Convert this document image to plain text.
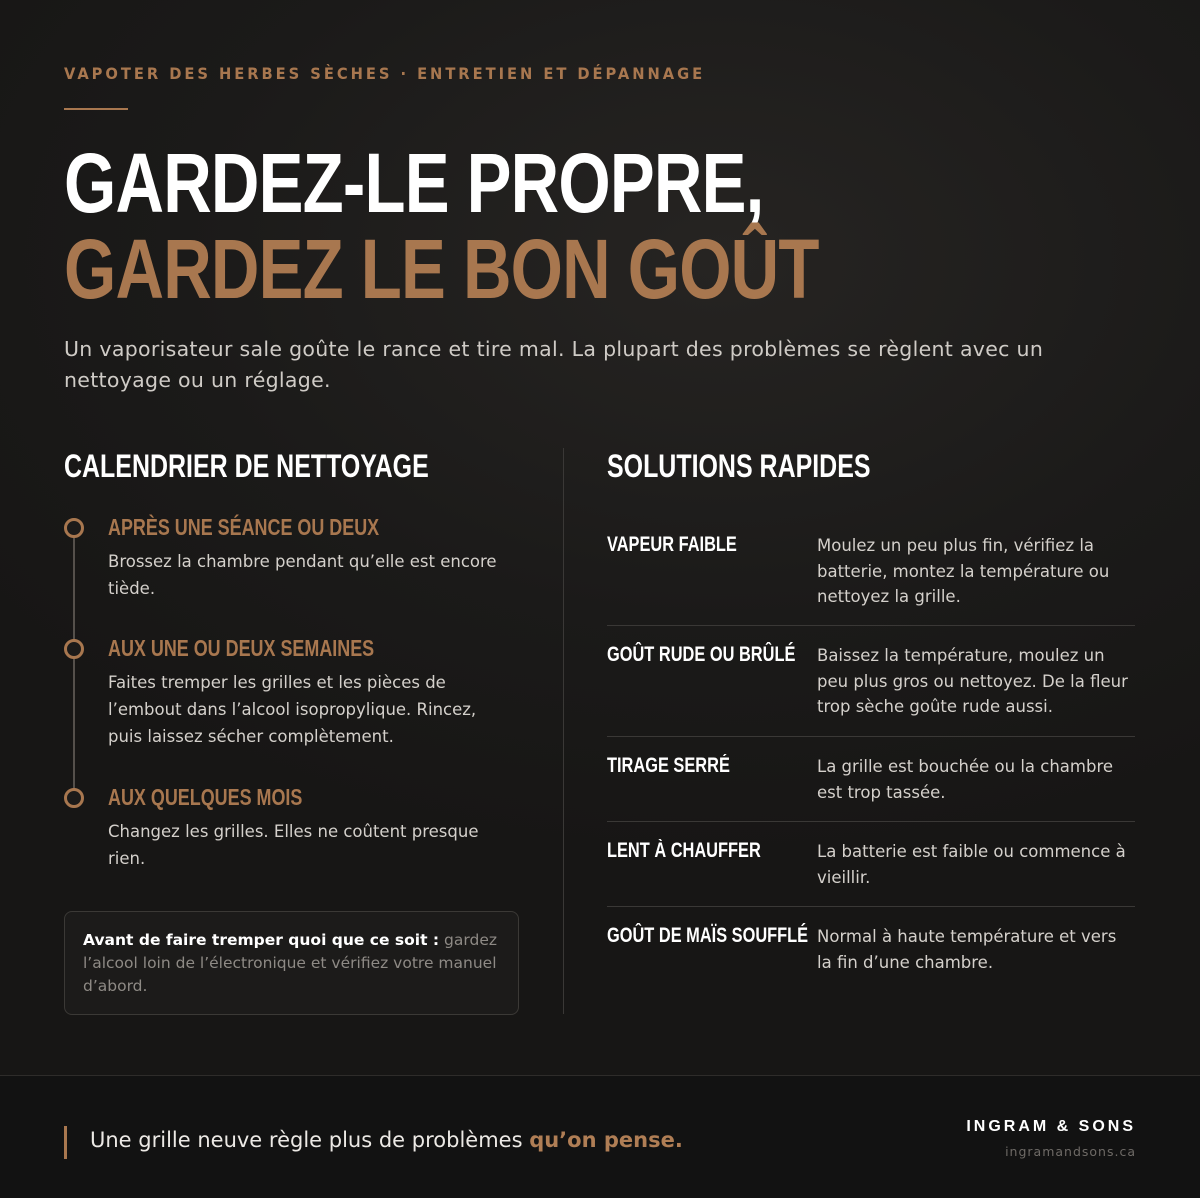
VAPOTER DES HERBES SÈCHES · ENTRETIEN ET DÉPANNAGE
GARDEZ-LE PROPRE,
GARDEZ LE BON GOÛT

Un vaporisateur sale goûte le rance et tire mal. La plupart des problèmes se règlent avec un nettoyage ou un réglage.

CALENDRIER DE NETTOYAGE
APRÈS UNE SÉANCE OU DEUX
Brossez la chambre pendant qu’elle est encore tiède.
AUX UNE OU DEUX SEMAINES
Faites tremper les grilles et les pièces de l’embout dans l’alcool isopropylique. Rincez, puis laissez sécher complètement.
AUX QUELQUES MOIS
Changez les grilles. Elles ne coûtent presque rien.
Avant de faire tremper quoi que ce soit : gardez l’alcool loin de l’électronique et vérifiez votre manuel d’abord.
SOLUTIONS RAPIDES
VAPEUR FAIBLE	Moulez un peu plus fin, vérifiez la batterie, montez la température ou nettoyez la grille.
GOÛT RUDE OU BRÛLÉ Baissez la température, moulez un peu plus gros ou nettoyez. De la fleur trop sèche goûte rude aussi.
TIRAGE SERRÉ	La grille est bouchée ou la chambre est trop tassée.
LENT À CHAUFFER	La batterie est faible ou commence à vieillir.
GOÛT DE MAÏS SOUFFLÉ Normal à haute température et vers la fin d’une chambre.
Une grille neuve règle plus de problèmes qu’on pense.
INGRAM & SONS
ingramandsons.ca
